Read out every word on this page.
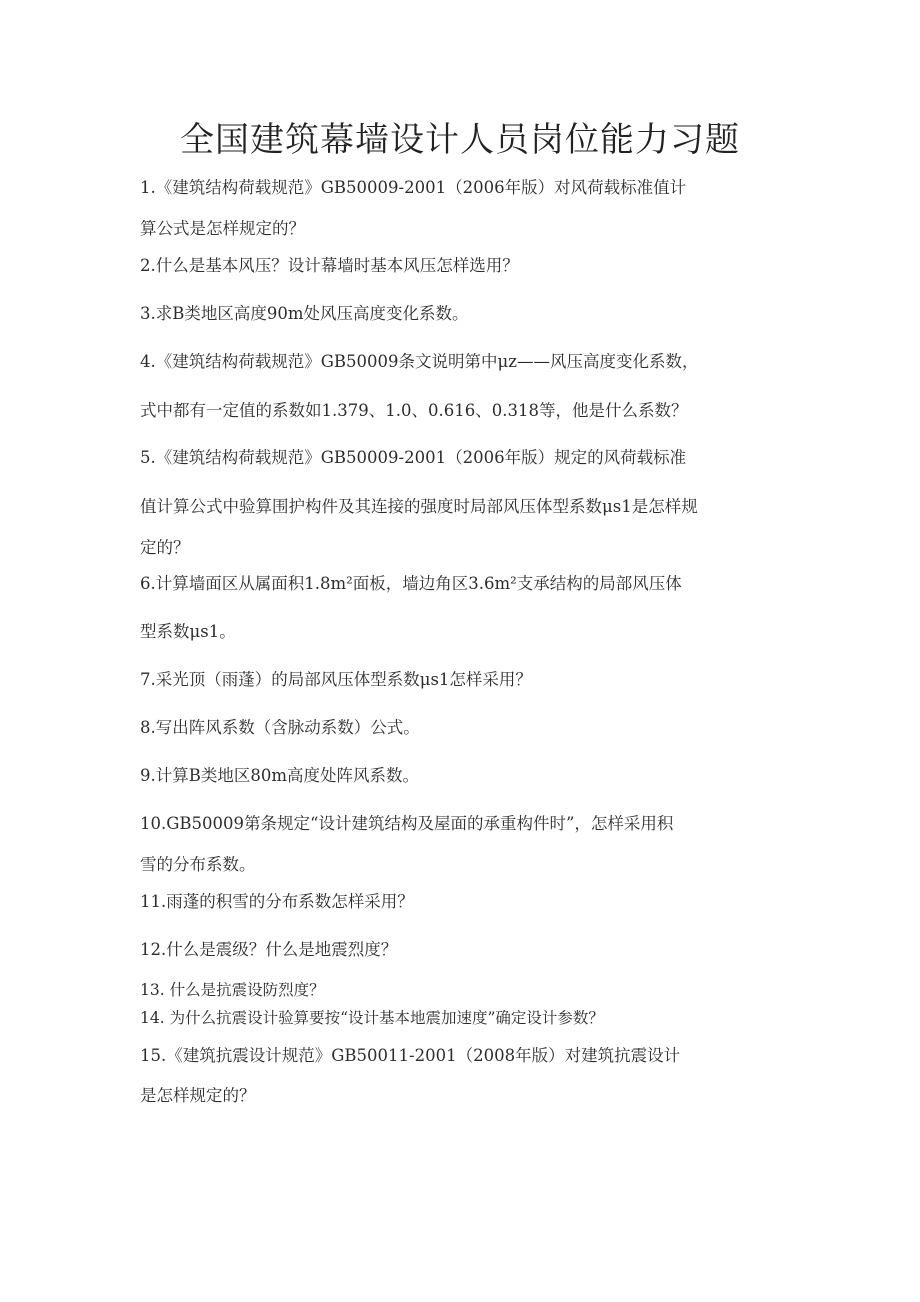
全国建筑幕墙设计人员岗位能力习题
1.《建筑结构荷载规范》GB50009-2001（2006年版）对风荷载标准值计
算公式是怎样规定的？
2.什么是基本风压？设计幕墙时基本风压怎样选用？
3.求B类地区高度90m处风压高度变化系数。
4.《建筑结构荷载规范》GB50009条文说明第中μz——风压高度变化系数，
式中都有一定值的系数如1.379、1.0、0.616、0.318等，他是什么系数？
5.《建筑结构荷载规范》GB50009-2001（2006年版）规定的风荷载标准
值计算公式中验算围护构件及其连接的强度时局部风压体型系数μs1是怎样规
定的？
6.计算墙面区从属面积1.8m²面板，墙边角区3.6m²支承结构的局部风压体
型系数μs1。
7.采光顶（雨蓬）的局部风压体型系数μs1怎样采用？
8.写出阵风系数（含脉动系数）公式。
9.计算B类地区80m高度处阵风系数。
10.GB50009第条规定“设计建筑结构及屋面的承重构件时”，怎样采用积
雪的分布系数。
11.雨蓬的积雪的分布系数怎样采用？
12.什么是震级？什么是地震烈度？
13. 什么是抗震设防烈度？
14. 为什么抗震设计验算要按“设计基本地震加速度”确定设计参数？
15.《建筑抗震设计规范》GB50011-2001（2008年版）对建筑抗震设计
是怎样规定的？
